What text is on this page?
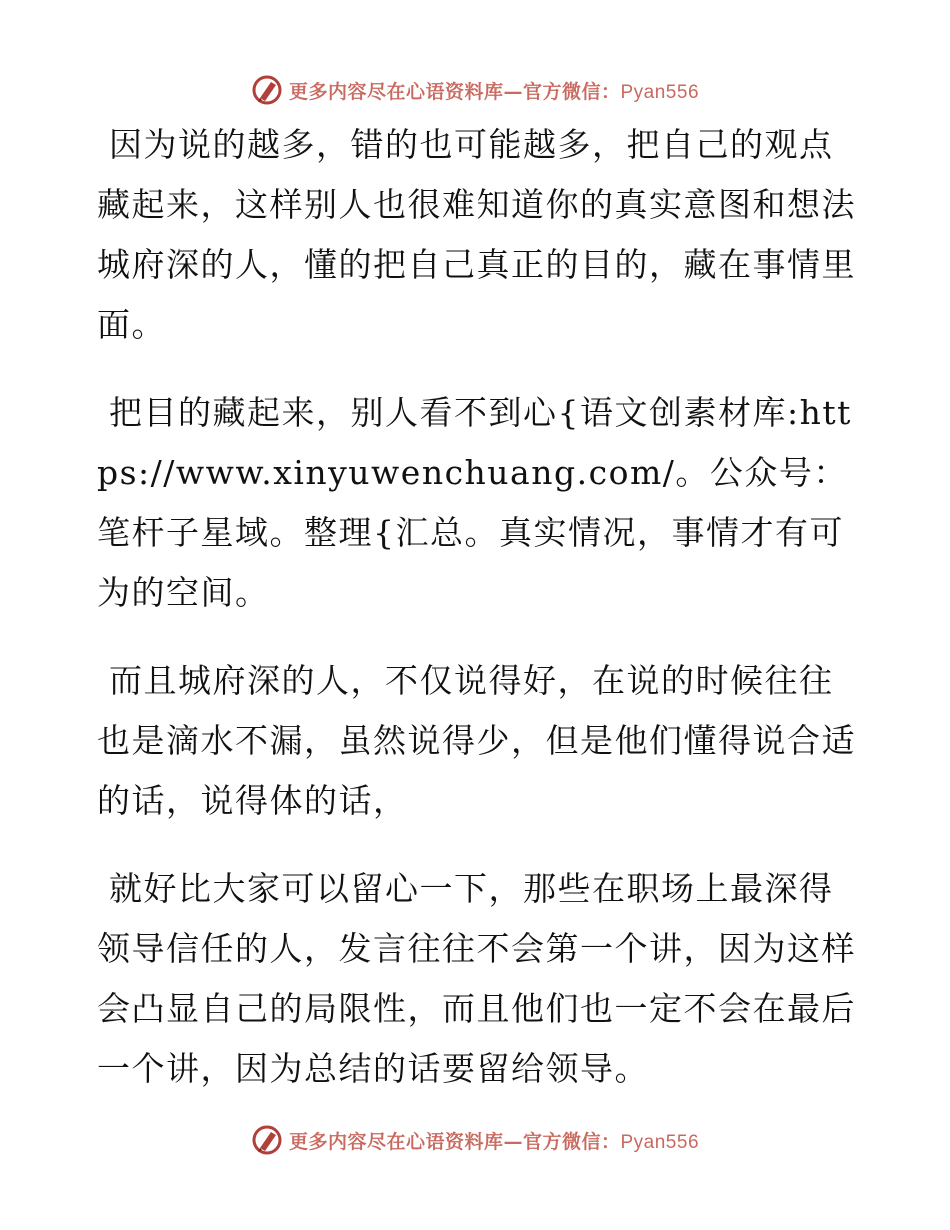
更多内容尽在心语资料库—官方微信：Pyan556

因为说的越多，错的也可能越多，把自己的观点藏起来，这样别人也很难知道你的真实意图和想法城府深的人，懂的把自己真正的目的，藏在事情里面。

把目的藏起来，别人看不到心{语文创素材库:https://www.xinyuwenchuang.com/。公众号：笔杆子星域。整理{汇总。真实情况，事情才有可为的空间。

而且城府深的人，不仅说得好，在说的时候往往也是滴水不漏，虽然说得少，但是他们懂得说合适的话，说得体的话，

就好比大家可以留心一下，那些在职场上最深得领导信任的人，发言往往不会第一个讲，因为这样会凸显自己的局限性，而且他们也一定不会在最后一个讲，因为总结的话要留给领导。

更多内容尽在心语资料库—官方微信：Pyan556
